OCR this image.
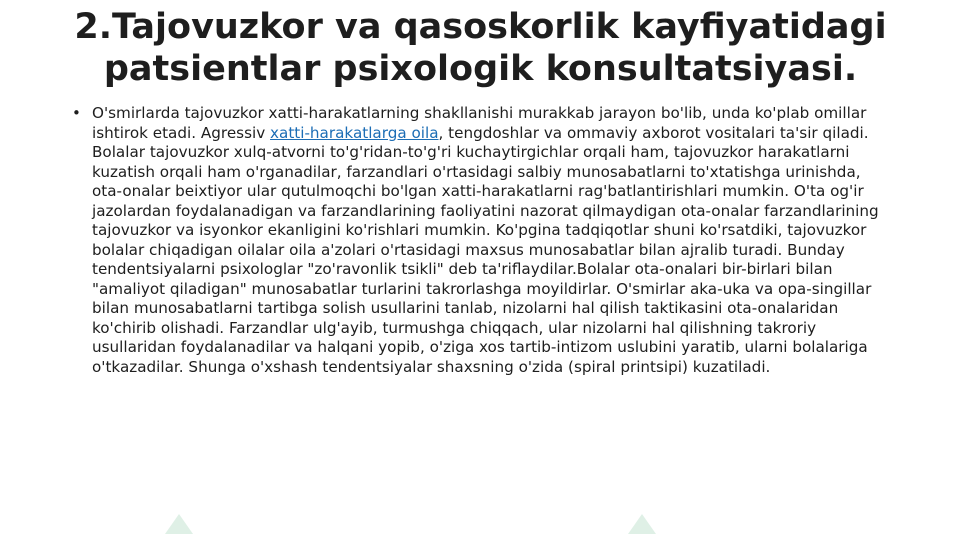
2.Tajovuzkor va qasoskorlik kayfiyatidagi patsientlar psixologik konsultatsiyasi.
• O'smirlarda tajovuzkor xatti-harakatlarning shakllanishi murakkab jarayon bo'lib, unda ko'plab omillar ishtirok etadi. Agressiv xatti-harakatlarga oila, tengdoshlar va ommaviy axborot vositalari ta'sir qiladi. Bolalar tajovuzkor xulq-atvorni to'g'ridan-to'g'ri kuchaytirgichlar orqali ham, tajovuzkor harakatlarni kuzatish orqali ham o'rganadilar, farzandlari o'rtasidagi salbiy munosabatlarni to'xtatishga urinishda, ota-onalar beixtiyor ular qutulmoqchi bo'lgan xatti-harakatlarni rag'batlantirishlari mumkin. O'ta og'ir jazolardan foydalanadigan va farzandlarining faoliyatini nazorat qilmaydigan ota-onalar farzandlarining tajovuzkor va isyonkor ekanligini ko'rishlari mumkin. Ko'pgina tadqiqotlar shuni ko'rsatdiki, tajovuzkor bolalar chiqadigan oilalar oila a'zolari o'rtasidagi maxsus munosabatlar bilan ajralib turadi. Bunday tendentsiyalarni psixologlar "zo'ravonlik tsikli" deb ta'riflaydilar.Bolalar ota-onalari bir-birlari bilan "amaliyot qiladigan" munosabatlar turlarini takrorlashga moyildirlar. O'smirlar aka-uka va opa-singillar bilan munosabatlarni tartibga solish usullarini tanlab, nizolarni hal qilish taktikasini ota-onalaridan ko'chirib olishadi. Farzandlar ulg'ayib, turmushga chiqqach, ular nizolarni hal qilishning takroriy usullaridan foydalanadilar va halqani yopib, o'ziga xos tartib-intizom uslubini yaratib, ularni bolalariga o'tkazadilar. Shunga o'xshash tendentsiyalar shaxsning o'zida (spiral printsipi) kuzatiladi.
